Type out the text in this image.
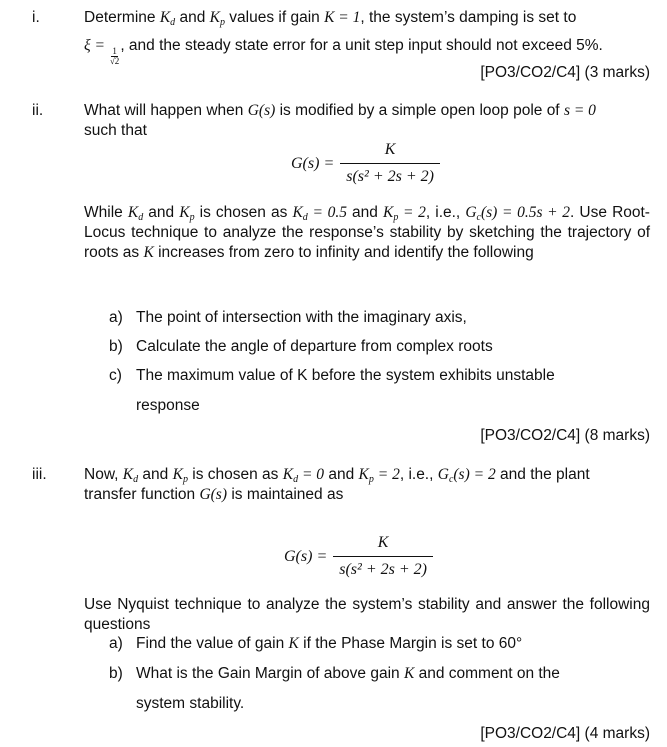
i.	Determine $K_d$ and $K_p$ values if gain K = 1, the system’s damping is set to
ξ =
$\frac{1}{√2}$
, and the steady state error for a unit step input should not exceed 5%.
[PO3/CO2/C4] (3 marks)
ii.	What will happen when G(s) is modified by a simple open loop pole of s = 0
such that
$G(s) = \frac{K}{\text{s(s² + 2s + 2)}}$
While $K_d$ and $K_p$ is chosen as $K_d = 0.5$ and $K_p = 2$, i.e., $G_c(s) = 0.5s + 2$. Use Root-Locus technique to analyze the response’s stability by sketching the trajectory of roots as K increases from zero to infinity and identify the following
a) The point of intersection with the imaginary axis,
b) Calculate the angle of departure from complex roots
c) The maximum value of K before the system exhibits unstable
response
[PO3/CO2/C4] (8 marks)
iii. Now, $K_d$ and $K_p$ is chosen as $K_d = 0$ and $K_p = 2$, i.e., $G_c(s) = 2$ and the plant
transfer function G(s) is maintained as
$G(s) = \frac{K}{\text{s(s² + 2s + 2)}}$
Use Nyquist technique to analyze the system’s stability and answer the following questions
a) Find the value of gain K if the Phase Margin is set to 60°
b) What is the Gain Margin of above gain K and comment on the
system stability.
[PO3/CO2/C4] (4 marks)
